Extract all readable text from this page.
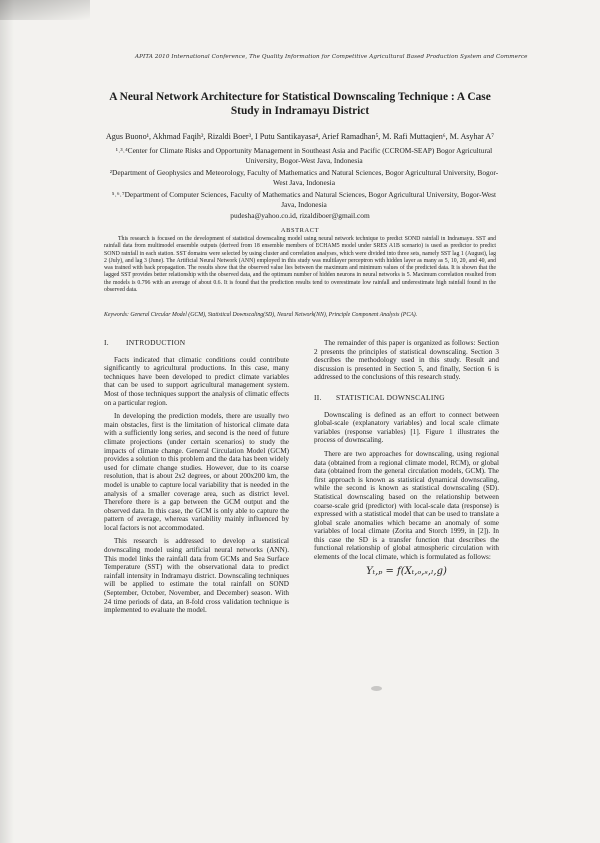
APITA 2010 International Conference, The Quality Information for Competitive Agricultural Based Production System and Commerce
A Neural Network Architecture for Statistical Downscaling Technique : A Case Study in Indramayu District
Agus Buono¹, Akhmad Faqih², Rizaldi Boer³, I Putu Santikayasa⁴, Arief Ramadhan⁵, M. Rafi Muttaqien⁶, M. Asyhar A⁷
¹˒³˒⁴Center for Climate Risks and Opportunity Management in Southeast Asia and Pacific (CCROM-SEAP) Bogor Agricultural University, Bogor-West Java, Indonesia
²Department of Geophysics and Meteorology, Faculty of Mathematics and Natural Sciences, Bogor Agricultural University, Bogor-West Java, Indonesia
⁵˒⁶˒⁷Department of Computer Sciences, Faculty of Mathematics and Natural Sciences, Bogor Agricultural University, Bogor-West Java, Indonesia
pudesha@yahoo.co.id, rizaldiboer@gmail.com
ABSTRACT
This research is focused on the development of statistical downscaling model using neural network technique to predict SOND rainfall in Indramayu. SST and rainfall data from multimodel ensemble outputs (derived from 18 ensemble members of ECHAM5 model under SRES A1B scenario) is used as predictor to predict SOND rainfall in each station. SST domains were selected by using cluster and correlation analyses, which were divided into three sets, namely SST lag 1 (August), lag 2 (July), and lag 3 (June). The Artificial Neural Network (ANN) employed in this study was multilayer perceptron with hidden layer as many as 5, 10, 20, and 40, and was trained with back propagation. The results show that the observed value lies between the maximum and minimum values of the predicted data. It is shown that the lagged SST provides better relationship with the observed data, and the optimum number of hidden neurons in neural networks is 5. Maximum correlation resulted from the models is 0.796 with an average of about 0.6. It is found that the prediction results tend to overestimate low rainfall and underestimate high rainfall found in the observed data.
Keywords: General Circular Model (GCM), Statistical Downscaling(SD), Neural Network(NN), Principle Component Analysis (PCA).
I. INTRODUCTION

Facts indicated that climatic conditions could contribute significantly to agricultural productions. In this case, many techniques have been developed to predict climate variables that can be used to support agricultural management system. Most of those techniques support the analysis of climatic effects on a particular region.

In developing the prediction models, there are usually two main obstacles, first is the limitation of historical climate data with a sufficiently long series, and second is the need of future climate projections (under certain scenarios) to study the impacts of climate change. General Circulation Model (GCM) provides a solution to this problem and the data has been widely used for climate change studies. However, due to its coarse resolution, that is about 2x2 degrees, or about 200x200 km, the model is unable to capture local variability that is needed in the analysis of a smaller coverage area, such as district level. Therefore there is a gap between the GCM output and the observed data. In this case, the GCM is only able to capture the pattern of average, whereas variability mainly influenced by local factors is not accommodated.

This research is addressed to develop a statistical downscaling model using artificial neural networks (ANN). This model links the rainfall data from GCMs and Sea Surface Temperature (SST) with the observational data to predict rainfall intensity in Indramayu district. Downscaling techniques will be applied to estimate the total rainfall on SOND (September, October, November, and December) season. With 24 time periods of data, an 8-fold cross validation technique is implemented to evaluate the model.

The remainder of this paper is organized as follows: Section 2 presents the principles of statistical downscaling. Section 3 describes the methodology used in this study. Result and discussion is presented in Section 5, and finally, Section 6 is addressed to the conclusions of this research study.

II. STATISTICAL DOWNSCALING

Downscaling is defined as an effort to connect between global-scale (explanatory variables) and local scale climate variables (response variables) [1]. Figure 1 illustrates the process of downscaling.

There are two approaches for downscaling, using regional data (obtained from a regional climate model, RCM), or global data (obtained from the general circulation models, GCM). The first approach is known as statistical dynamical downscaling, while the second is known as statistical downscaling (SD). Statistical downscaling based on the relationship between coarse-scale grid (predictor) with local-scale data (response) is expressed with a statistical model that can be used to translate a global scale anomalies which became an anomaly of some variables of local climate (Zorita and Storch 1999, in [2]). In this case the SD is a transfer function that describes the functional relationship of global atmospheric circulation with elements of the local climate, which is formulated as follows:

Yₜ,ₚ = f(Xₜ,ₒ,ₛ,ₗ,g)
